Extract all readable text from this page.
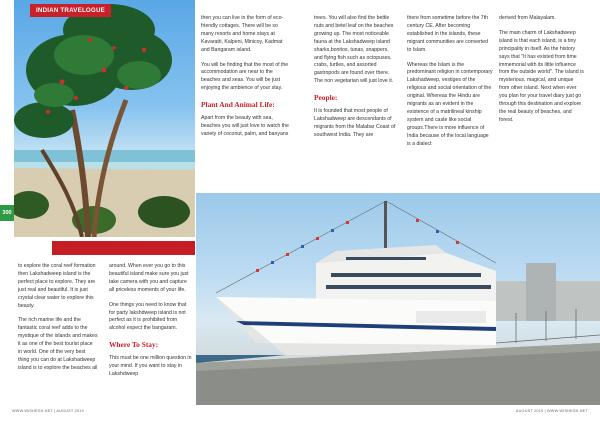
INDIAN TRAVELOGUE
300

to explore the coral reef formation then Lakshadweep island is the perfect place to explore. They are just real and beautiful. It is just crystal clear water to explore this beauty.

The rich marine life and the fantastic coral reef adds to the mystique of the islands and makes it as one of the best tourist place in world. One of the very best thing you can do at Lakshadweep island is to explore the beaches all

around. When ever you go to this beautiful island make sure you just take camera with you and capture all priceless moments of your life.

One things you need to know that for party lakshdweep island is not perfect as it is prohibited from alcohol expect the bangaram.

Where To Stay:

This must be one million question in your mind. If you want to stay in Lakshdweep

then you can live in the form of eco-friendly cottages. There will be so many resorts and home stays at Kavaratti, Kalpeni, Minicoy, Kadmat and Bangaram island.

You will be finding that the most of the accommodation are near to the beaches and seas. You will be just enjoying the ambience of your stay.

Plant And Animal Life:

Apart from the beauty with sea, beaches you will just love to watch the variety of coconut, palm, and banyans

WWW.WISHESH.NET | AUGUST 2019

trees. You will also find the bettle nuts and betel leaf on the beaches growing up. The most noticeable fauna at the Lakshadweep island sharks,bonitos, tunas, snappers, and flying fish such as octopuses, crabs, turtles, and assorted gastropods are found over there. The non vegetarian will just love it.

People:

It is founded that most people of Lakshadweep are descendants of migrants from the Malabar Coast of southwest India. They are

there from sometime before the 7th century CE. After becoming established in the islands, these migrant communities are converted to Islam.

Whereas the Islam is the predominant religion in contemporary Lakshadweep, vestiges of the religious and social orientation of the original. Whereas the Hindu are migrants as an evident in the existence of a matrilineal kinship system and caste like social groups.There is more influence of India because of the local language is a dialect

derived from Malayalam.

The main charm of Lakshadweep island is that each island, is a tiny principality in itself. As the history says that "It has existed from time immemorial with its little influence from the outside world". The island is mysterious, magical, and unique from other island. Next when ever you plan for your travel diary just go through this destination and explore the real beauty of beaches, and forest.

AUGUST 2019 | WWW.WISHESH.NET
